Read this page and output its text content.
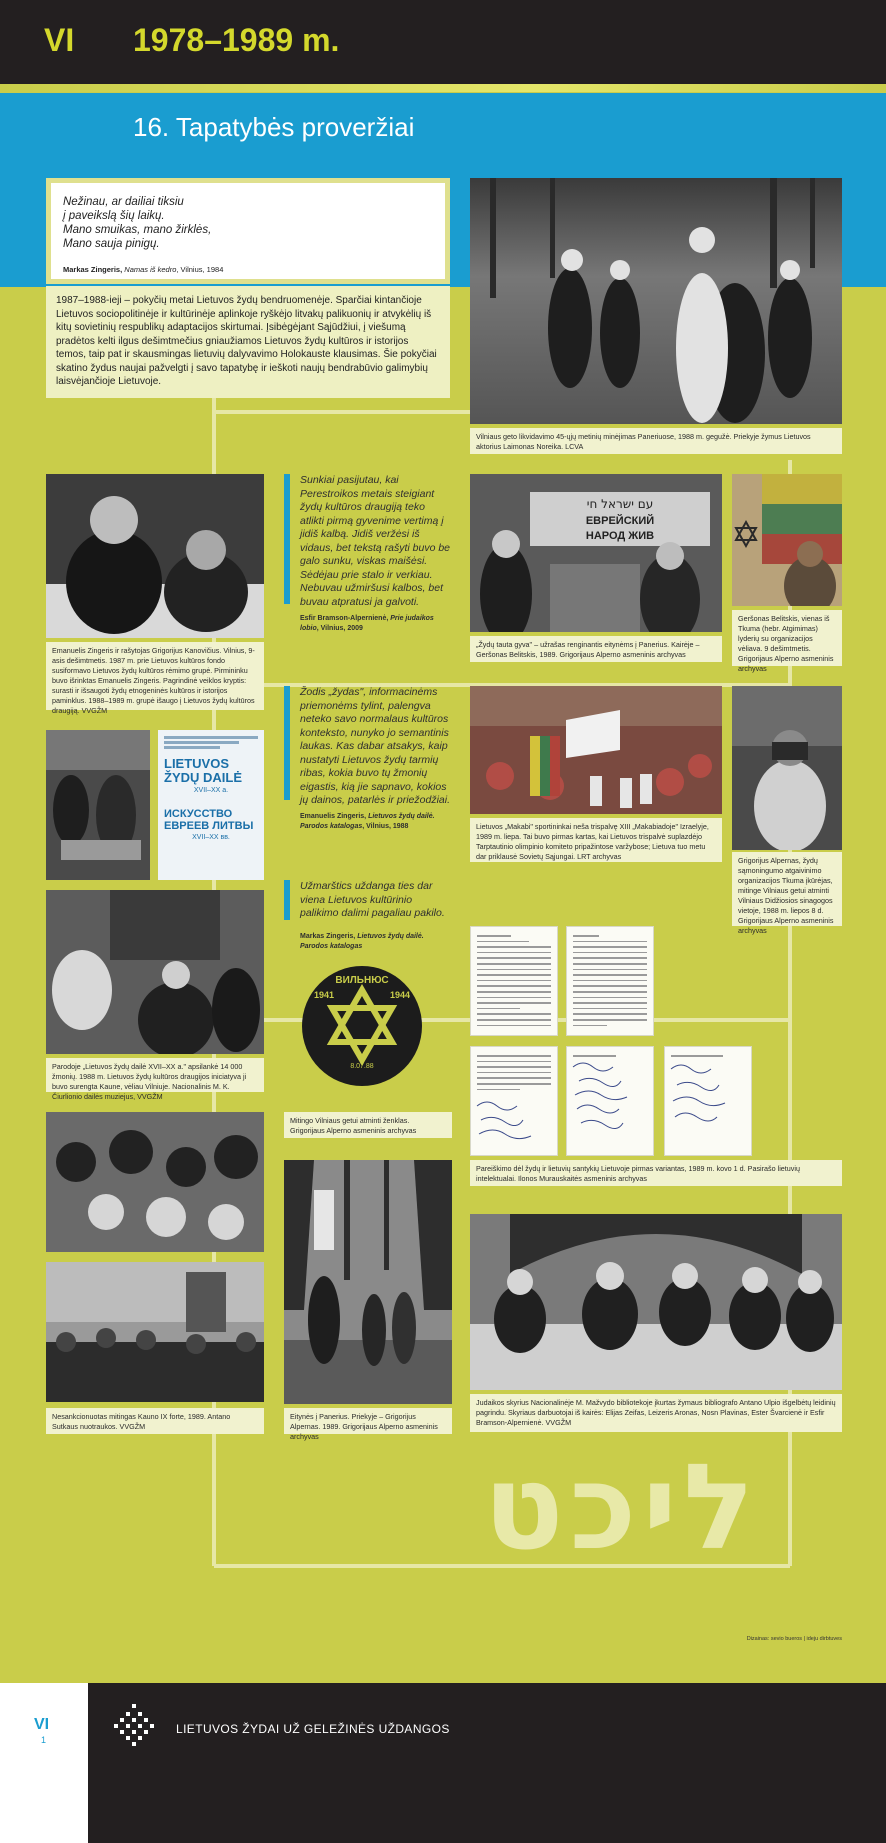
VI 1978–1989 m.
16. Tapatybės proveržiai
ליכט
Nežinau, ar dailiai tiksiu
į paveikslą šių laikų.
Mano smuikas, mano žirklės,
Mano sauja pinigų.
Markas Zingeris, Namas iš kedro, Vilnius, 1984
1987–1988-ieji – pokyčių metai Lietuvos žydų bendruomenėje. Sparčiai kintančioje Lietuvos sociopolitinėje ir kultūrinėje aplinkoje ryškėjo litvakų palikuonių ir atvykėlių iš kitų sovietinių respublikų adaptacijos skirtumai. Įsibėgėjant Sąjūdžiui, į viešumą pradėtos kelti ilgus dešimtmečius gniaužiamos Lietuvos žydų kultūros ir istorijos temos, taip pat ir skausmingas lietuvių dalyvavimo Holokauste klausimas. Šie pokyčiai skatino žydus naujai pažvelgti į savo tapatybę ir ieškoti naujų bendrabūvio galimybių laisvėjančioje Lietuvoje.
Vilniaus geto likvidavimo 45-ųjų metinių minėjimas Paneriuose, 1988 m. gegužė. Priekyje žymus Lietuvos aktorius Laimonas Noreika. LCVA
Emanuelis Zingeris ir rašytojas Grigorijus Kanovičius. Vilnius, 9-asis dešimtmetis. 1987 m. prie Lietuvos kultūros fondo susiformavo Lietuvos žydų kultūros rėmimo grupė. Pirmininku buvo išrinktas Emanuelis Zingeris. Pagrindinė veiklos kryptis: surasti ir išsaugoti žydų etnogeninės kultūros ir istorijos paminklus. 1988–1989 m. grupė išaugo į Lietuvos žydų kultūros draugiją. VVGŽM
LIETUVOS ŽYDŲ DAILĖ
XVII–XX a.
ИСКУССТВО ЕВРЕЕВ ЛИТВЫ
XVII–XX вв.
Parodoje „Lietuvos žydų dailė XVII–XX a." apsilankė 14 000 žmonių. 1988 m. Lietuvos žydų kultūros draugijos iniciatyva ji buvo surengta Kaune, vėliau Vilniuje. Nacionalinis M. K. Čiurlionio dailės muziejus, VVGŽM
Nesankcionuotas mitingas Kauno IX forte, 1989. Antano Sutkaus nuotraukos. VVGŽM
Sunkiai pasijutau, kai Perestroikos metais steigiant žydų kultūros draugiją teko atlikti pirmą gyvenime vertimą į jidiš kalbą. Jidiš veržėsi iš vidaus, bet tekstą rašyti buvo be galo sunku, viskas maišėsi. Sėdėjau prie stalo ir verkiau. Nebuvau užmiršusi kalbos, bet buvau atpratusi ja galvoti.
Esfir Bramson-Alpernienė, Prie judaikos lobio, Vilnius, 2009
Žodis „žydas", informacinėms priemonėms tylint, palengva neteko savo normalaus kultūros konteksto, nunyko jo semantinis laukas. Kas dabar atsakys, kaip nustatyti Lietuvos žydų tarmių ribas, kokia buvo tų žmonių eigastis, kią jie sapnavo, kokios jų dainos, patarlės ir priežodžiai.
Emanuelis Zingeris, Lietuvos žydų dailė. Parodos katalogas, Vilnius, 1988
Užmarštics uždanga ties dar viena Lietuvos kultūrinio palikimo dalimi pagaliau pakilo.
Markas Zingeris, Lietuvos žydų dailė. Parodos katalogas
ВИЛЬНЮС
1941	1944
8.07.88
Mitingo Vilniaus getui atminti ženklas. Grigorijaus Alperno asmeninis archyvas
Eitynės į Panerius. Priekyje – Grigorijus Alpernas. 1989. Grigorijaus Alperno asmeninis archyvas
עם ישראל חי
ЕВРЕЙСКИЙ
НАРОД ЖИВ
„Žydų tauta gyva" – užrašas renginantis eitynėms į Panerius. Kairėje – Geršonas Belitskis, 1989. Grigorijaus Alperno asmeninis archyvas
Geršonas Belitskis, vienas iš Tkuma (hebr. Atgimimas) lyderių su organizacijos vėliava. 9 dešimtmetis. Grigorijaus Alperno asmeninis archyvas
Lietuvos „Makabi" sportininkai neša trispalvę XIII „Makabiadoje" Izraelyje, 1989 m. liepa. Tai buvo pirmas kartas, kai Lietuvos trispalvė suplazdėjo Tarptautinio olimpinio komiteto pripažintose varžybose; Lietuva tuo metu dar priklausė Sovietų Sąjungai. LRT archyvas	Grigorijus Alpernas, žydų sąmoningumo atgaivinimo organizacijos Tkuma įkūrėjas, mitinge Vilniaus getui atminti Vilniaus Didžiosios sinagogos vietoje, 1988 m. liepos 8 d. Grigorijaus Alperno asmeninis archyvas
Pareiškimo dėl žydų ir lietuvių santykių Lietuvoje pirmas variantas, 1989 m. kovo 1 d. Pasirašo lietuvių intelektualai. Ilonos Murauskaitės asmeninis archyvas
Judaikos skyrius Nacionalinėje M. Mažvydo bibliotekoje įkurtas žymaus bibliografo Antano Ulpio išgelbėtų leidinių pagrindu. Skyriaus darbuotojai iš kairės: Elijas Zeifas, Leizeris Aronas, Nosn Plavinas, Ester Švarcienė ir Esfir Bramson-Alpernienė. VVGŽM
Dizainas: sevio bueros | ideju dirbtuves
VI
1
LIETUVOS ŽYDAI UŽ GELEŽINĖS UŽDANGOS
